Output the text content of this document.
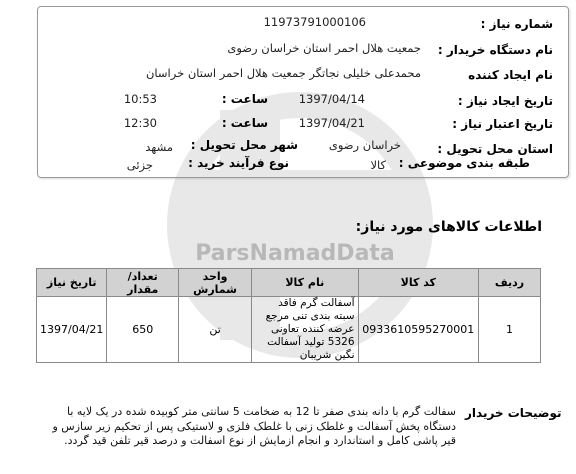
ParsNamadData
شماره نیاز :
11973791000106
نام دستگاه خریدار :
جمعیت هلال احمر استان خراسان رضوی
نام ایجاد کننده
محمدعلی خلیلی نجاتگر جمعیت هلال احمر استان خراسان
تاریخ ایجاد نیاز :
1397/04/14
ساعت :
10:53
تاریخ اعتبار نیاز :
1397/04/21
ساعت :
12:30
استان محل تحویل :
خراسان رضوی
شهر محل تحویل :
مشهد
طبقه بندی موضوعی :
کالا
نوع فرآیند خرید :
جزئی
اطلاعات کالاهای مورد نیاز:
ردیف	کد کالا	نام کالا	واحد شمارش	تعداد/ مقدار	تاریخ نیاز
1	0933610595270001	آسفالت گرم فاقد سبته بندی تنی مرجع عرضه کننده تعاونی 5326 تولید آسفالت نگین شریبان	تن	650	1397/04/21
توضیحات خریدار
سفالت گرم با دانه بندی صفر تا 12 به ضخامت 5 سانتی متر کوبیده شده در یک لایه با دستگاه پخش آسفالت و غلطک زنی با غلطک فلزی و لاستیکی پس از تحکیم زیر سازس و قیر پاشی کامل و استاندارد و انجام ازمایش از نوع اسفالت و درصد قیر تلفن قید گردد.
